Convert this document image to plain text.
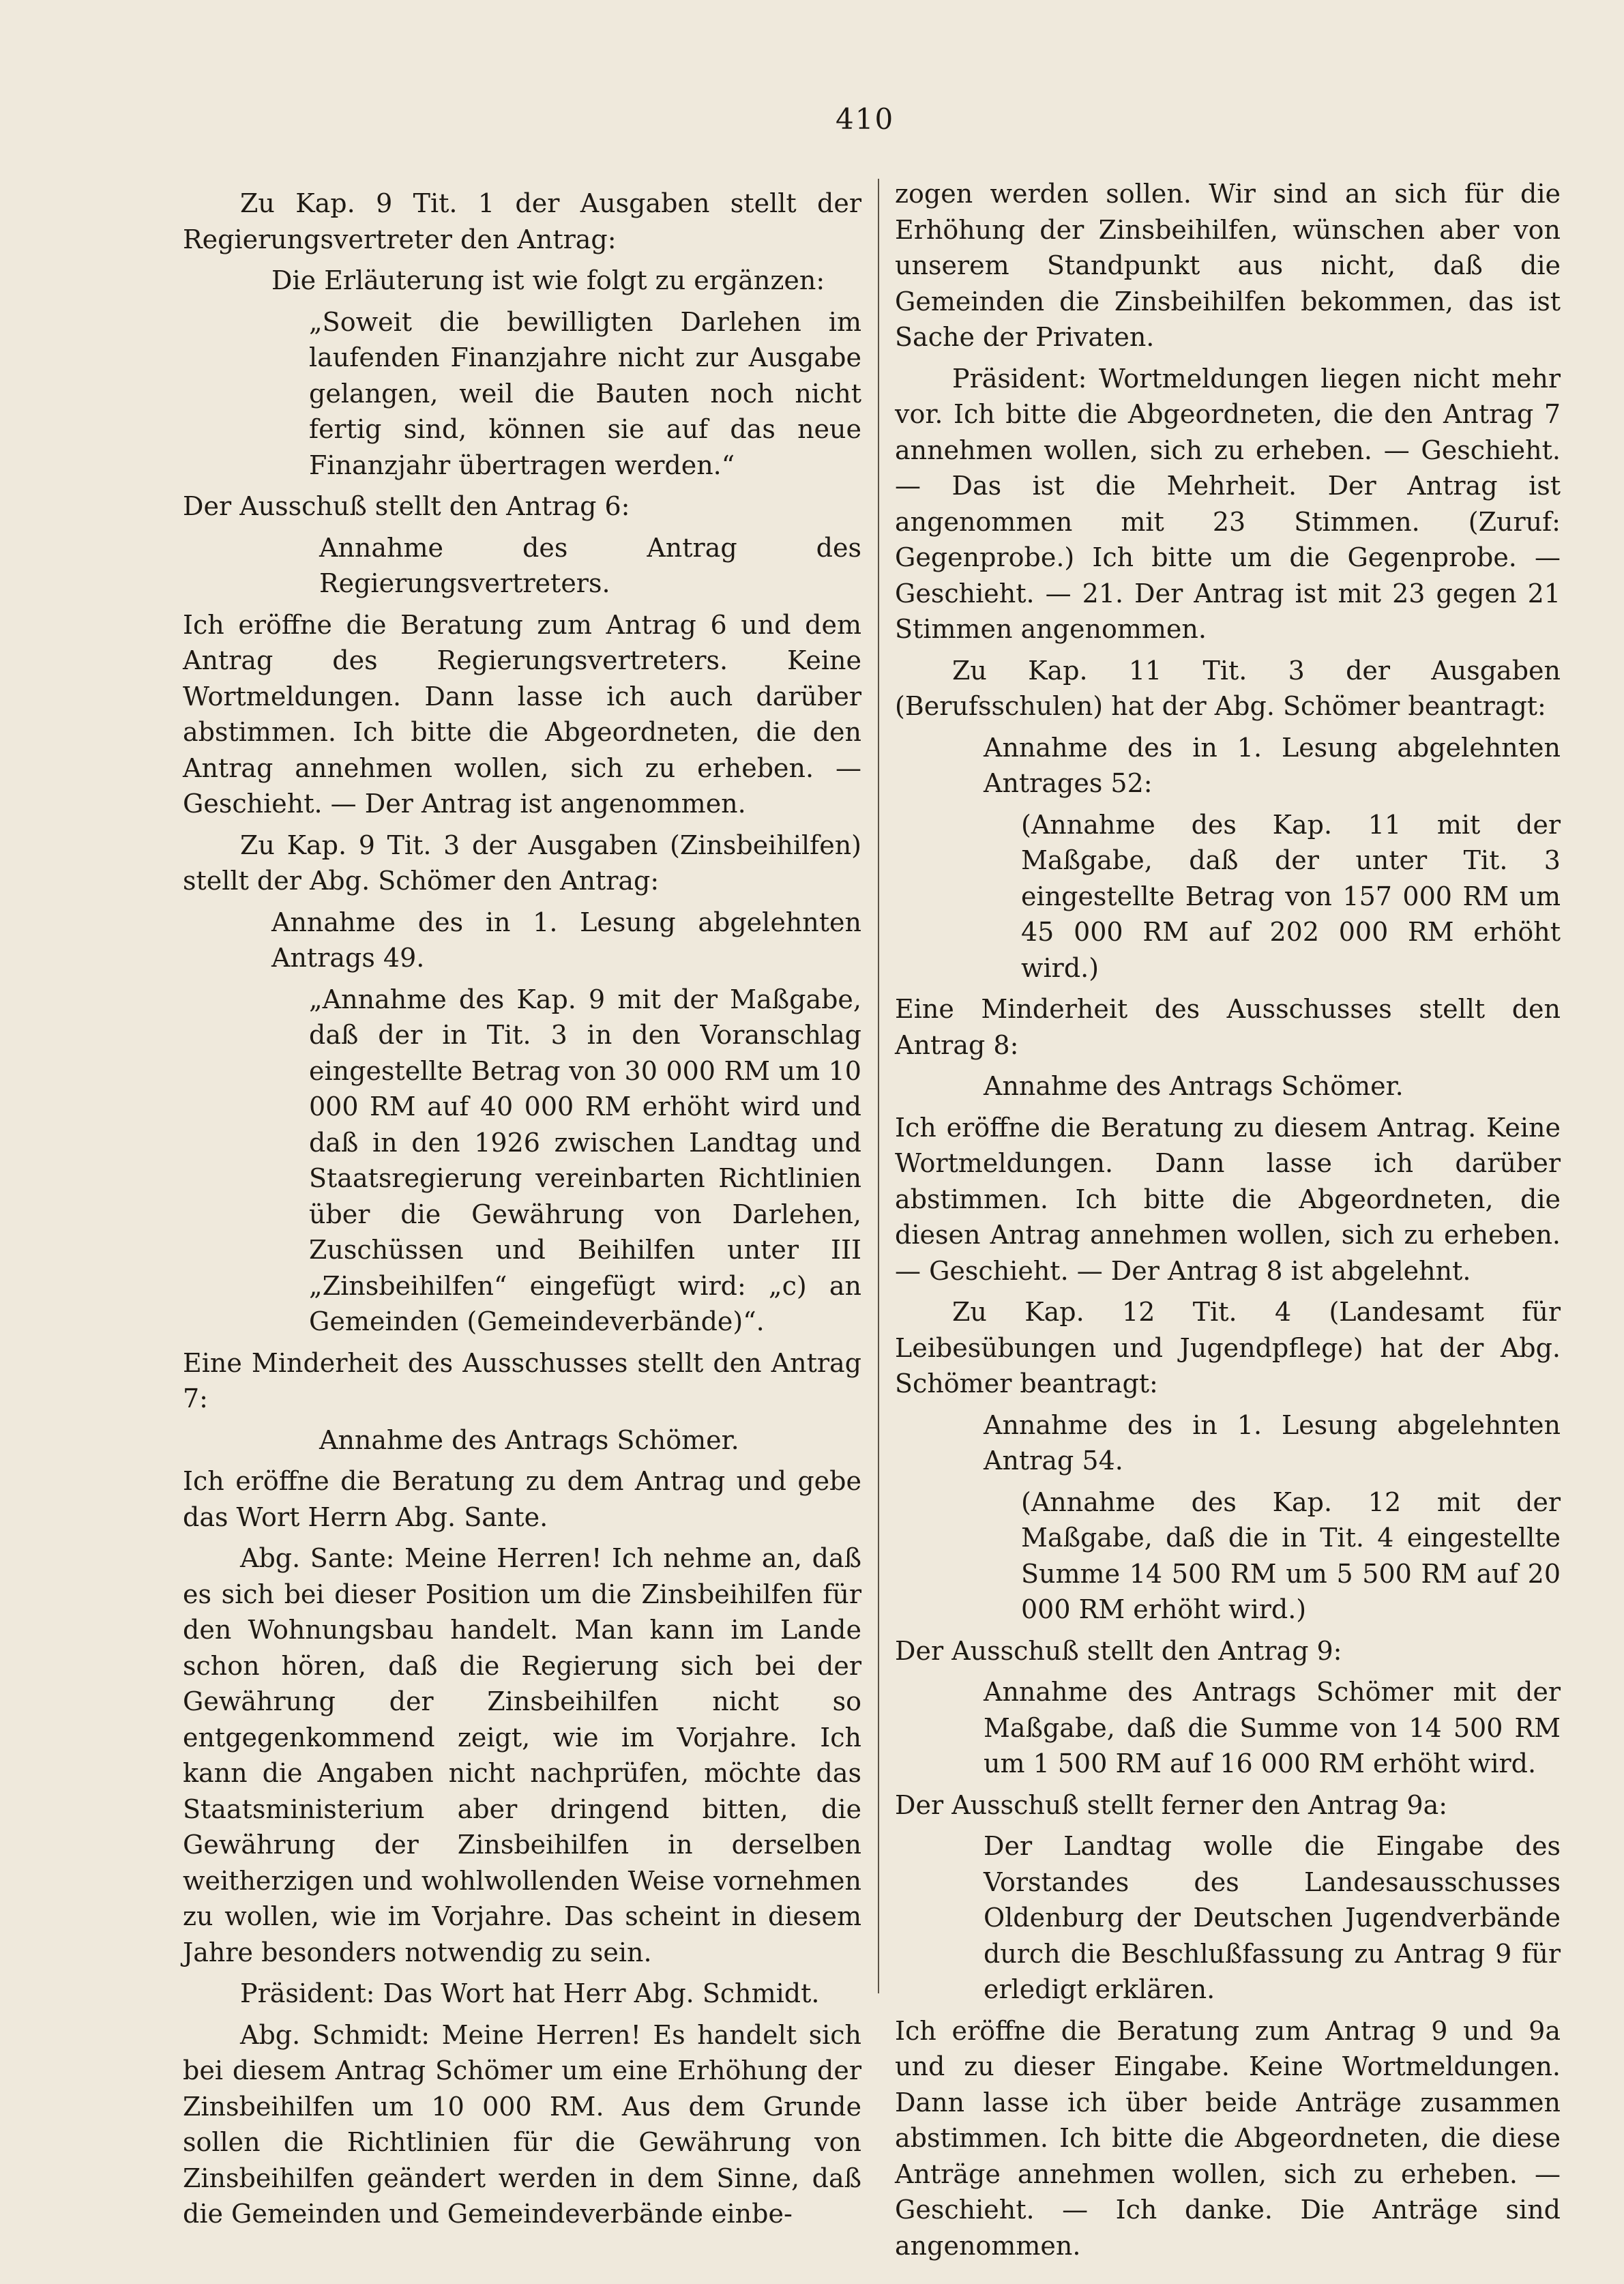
410

Zu Kap. 9 Tit. 1 der Ausgaben stellt der Regierungsvertreter den Antrag:

Die Erläuterung ist wie folgt zu ergänzen:

„Soweit die bewilligten Darlehen im laufenden Finanzjahre nicht zur Ausgabe gelangen, weil die Bauten noch nicht fertig sind, können sie auf das neue Finanzjahr übertragen werden.“

Der Ausschuß stellt den Antrag 6:

Annahme des Antrag des Regierungsvertreters.

Ich eröffne die Beratung zum Antrag 6 und dem Antrag des Regierungsvertreters. Keine Wortmeldungen. Dann lasse ich auch darüber abstimmen. Ich bitte die Abgeordneten, die den Antrag annehmen wollen, sich zu erheben. — Geschieht. — Der Antrag ist angenommen.

Zu Kap. 9 Tit. 3 der Ausgaben (Zinsbeihilfen) stellt der Abg. Schömer den Antrag:

Annahme des in 1. Lesung abgelehnten Antrags 49.

„Annahme des Kap. 9 mit der Maßgabe, daß der in Tit. 3 in den Voranschlag eingestellte Betrag von 30 000 RM um 10 000 RM auf 40 000 RM erhöht wird und daß in den 1926 zwischen Landtag und Staatsregierung vereinbarten Richtlinien über die Gewährung von Darlehen, Zuschüssen und Beihilfen unter III „Zinsbeihilfen“ eingefügt wird: „c) an Gemeinden (Gemeindeverbände)“.

Eine Minderheit des Ausschusses stellt den Antrag 7:

Annahme des Antrags Schömer.

Ich eröffne die Beratung zu dem Antrag und gebe das Wort Herrn Abg. Sante.

Abg. Sante: Meine Herren! Ich nehme an, daß es sich bei dieser Position um die Zinsbeihilfen für den Wohnungsbau handelt. Man kann im Lande schon hören, daß die Regierung sich bei der Gewährung der Zinsbeihilfen nicht so entgegenkommend zeigt, wie im Vorjahre. Ich kann die Angaben nicht nachprüfen, möchte das Staatsministerium aber dringend bitten, die Gewährung der Zinsbeihilfen in derselben weitherzigen und wohlwollenden Weise vornehmen zu wollen, wie im Vorjahre. Das scheint in diesem Jahre besonders notwendig zu sein.

Präsident: Das Wort hat Herr Abg. Schmidt.

Abg. Schmidt: Meine Herren! Es handelt sich bei diesem Antrag Schömer um eine Erhöhung der Zinsbeihilfen um 10 000 RM. Aus dem Grunde sollen die Richtlinien für die Gewährung von Zinsbeihilfen geändert werden in dem Sinne, daß die Gemeinden und Gemeindeverbände einbe-

zogen werden sollen. Wir sind an sich für die Erhöhung der Zinsbeihilfen, wünschen aber von unserem Standpunkt aus nicht, daß die Gemeinden die Zinsbeihilfen bekommen, das ist Sache der Privaten.

Präsident: Wortmeldungen liegen nicht mehr vor. Ich bitte die Abgeordneten, die den Antrag 7 annehmen wollen, sich zu erheben. — Geschieht. — Das ist die Mehrheit. Der Antrag ist angenommen mit 23 Stimmen. (Zuruf: Gegenprobe.) Ich bitte um die Gegenprobe. — Geschieht. — 21. Der Antrag ist mit 23 gegen 21 Stimmen angenommen.

Zu Kap. 11 Tit. 3 der Ausgaben (Berufsschulen) hat der Abg. Schömer beantragt:

Annahme des in 1. Lesung abgelehnten Antrages 52:

(Annahme des Kap. 11 mit der Maßgabe, daß der unter Tit. 3 eingestellte Betrag von 157 000 RM um 45 000 RM auf 202 000 RM erhöht wird.)

Eine Minderheit des Ausschusses stellt den Antrag 8:

Annahme des Antrags Schömer.

Ich eröffne die Beratung zu diesem Antrag. Keine Wortmeldungen. Dann lasse ich darüber abstimmen. Ich bitte die Abgeordneten, die diesen Antrag annehmen wollen, sich zu erheben. — Geschieht. — Der Antrag 8 ist abgelehnt.

Zu Kap. 12 Tit. 4 (Landesamt für Leibesübungen und Jugendpflege) hat der Abg. Schömer beantragt:

Annahme des in 1. Lesung abgelehnten Antrag 54.

(Annahme des Kap. 12 mit der Maßgabe, daß die in Tit. 4 eingestellte Summe 14 500 RM um 5 500 RM auf 20 000 RM erhöht wird.)

Der Ausschuß stellt den Antrag 9:

Annahme des Antrags Schömer mit der Maßgabe, daß die Summe von 14 500 RM um 1 500 RM auf 16 000 RM erhöht wird.

Der Ausschuß stellt ferner den Antrag 9a:

Der Landtag wolle die Eingabe des Vorstandes des Landesausschusses Oldenburg der Deutschen Jugendverbände durch die Beschlußfassung zu Antrag 9 für erledigt erklären.

Ich eröffne die Beratung zum Antrag 9 und 9a und zu dieser Eingabe. Keine Wortmeldungen. Dann lasse ich über beide Anträge zusammen abstimmen. Ich bitte die Abgeordneten, die diese Anträge annehmen wollen, sich zu erheben. — Geschieht. — Ich danke. Die Anträge sind angenommen.
